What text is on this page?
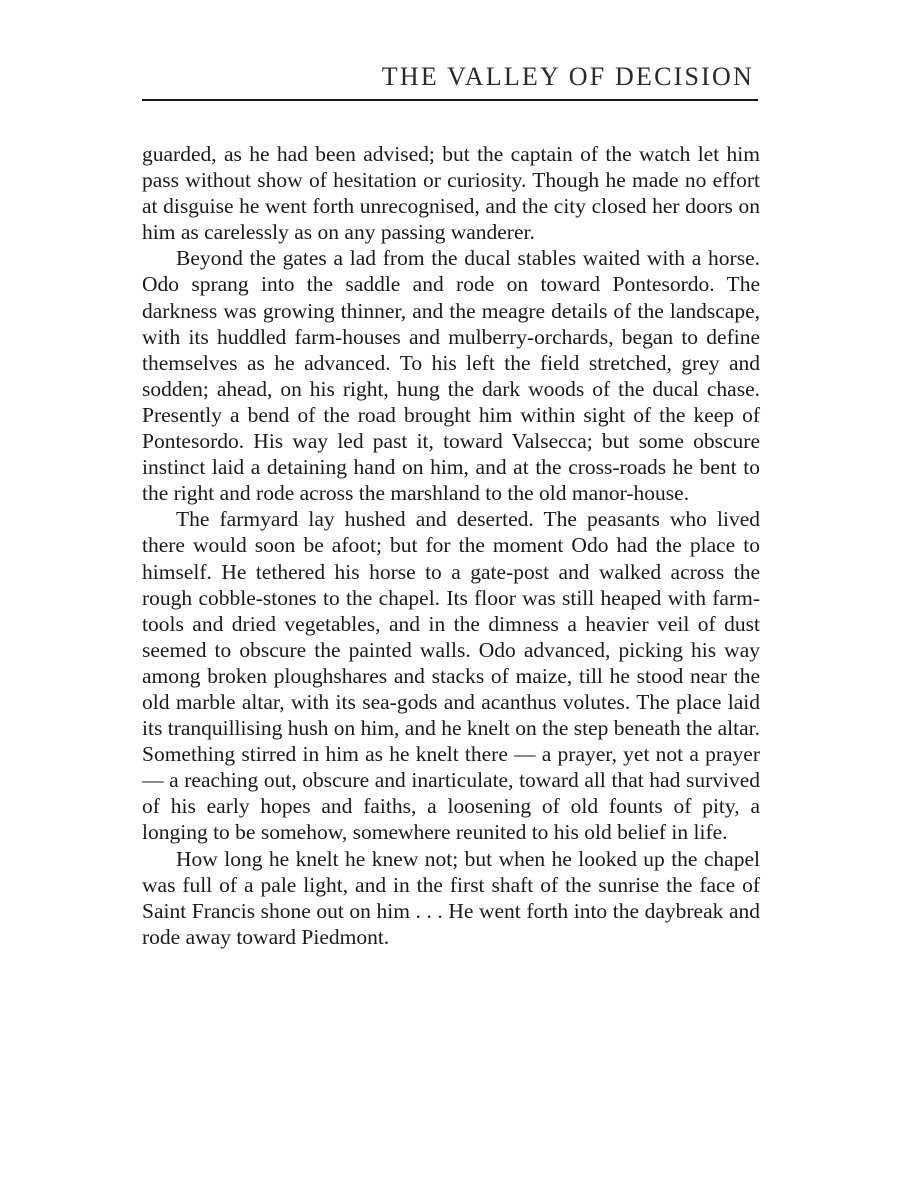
THE VALLEY OF DECISION

guarded, as he had been advised; but the captain of the watch let him pass without show of hesitation or curiosity. Though he made no effort at disguise he went forth unrecognised, and the city closed her doors on him as carelessly as on any passing wanderer.

Beyond the gates a lad from the ducal stables waited with a horse. Odo sprang into the saddle and rode on toward Pontesordo. The darkness was growing thinner, and the meagre details of the landscape, with its huddled farm-houses and mulberry-orchards, began to define themselves as he advanced. To his left the field stretched, grey and sodden; ahead, on his right, hung the dark woods of the ducal chase. Presently a bend of the road brought him within sight of the keep of Pontesordo. His way led past it, toward Valsecca; but some obscure instinct laid a detaining hand on him, and at the cross-roads he bent to the right and rode across the marshland to the old manor-house.

The farmyard lay hushed and deserted. The peasants who lived there would soon be afoot; but for the moment Odo had the place to himself. He tethered his horse to a gate-post and walked across the rough cobble-stones to the chapel. Its floor was still heaped with farm-tools and dried vegetables, and in the dimness a heavier veil of dust seemed to obscure the painted walls. Odo advanced, picking his way among broken ploughshares and stacks of maize, till he stood near the old marble altar, with its sea-gods and acanthus volutes. The place laid its tranquillising hush on him, and he knelt on the step beneath the altar. Something stirred in him as he knelt there — a prayer, yet not a prayer — a reaching out, obscure and inarticulate, toward all that had survived of his early hopes and faiths, a loosening of old founts of pity, a longing to be somehow, somewhere reunited to his old belief in life.

How long he knelt he knew not; but when he looked up the chapel was full of a pale light, and in the first shaft of the sunrise the face of Saint Francis shone out on him . . . He went forth into the daybreak and rode away toward Piedmont.
